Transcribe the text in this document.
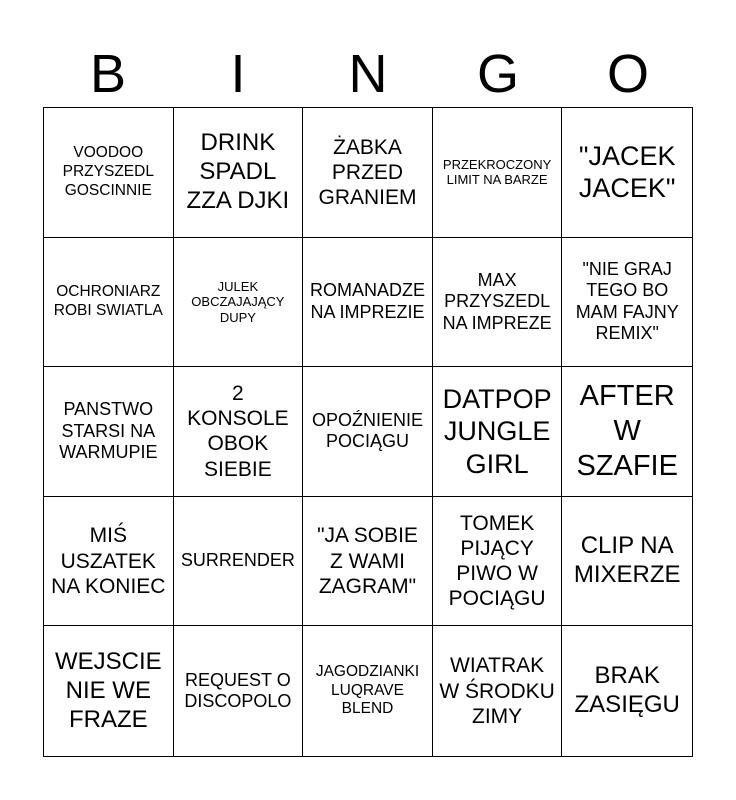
B	I	N	G	O
VOODOO PRZYSZEDL GOSCINNIE
DRINK SPADL ZZA DJKI
ŻABKA PRZED GRANIEM
PRZEKROCZONY LIMIT NA BARZE
"JACEK JACEK"
OCHRONIARZ ROBI SWIATLA
JULEK OBCZAJAJĄCY DUPY
ROMANADZE NA IMPREZIE
MAX PRZYSZEDL NA IMPREZE
"NIE GRAJ TEGO BO MAM FAJNY REMIX"
PANSTWO STARSI NA WARMUPIE
2 KONSOLE OBOK SIEBIE
OPOŹNIENIE POCIĄGU
DATPOP JUNGLE GIRL
AFTER W SZAFIE
MIŚ USZATEK NA KONIEC
SURRENDER
"JA SOBIE Z WAMI ZAGRAM"
TOMEK PIJĄCY PIWO W POCIĄGU
CLIP NA MIXERZE
WEJSCIE NIE WE FRAZE
REQUEST O DISCOPOLO
JAGODZIANKI LUQRAVE BLEND
WIATRAK W ŚRODKU ZIMY
BRAK ZASIĘGU
